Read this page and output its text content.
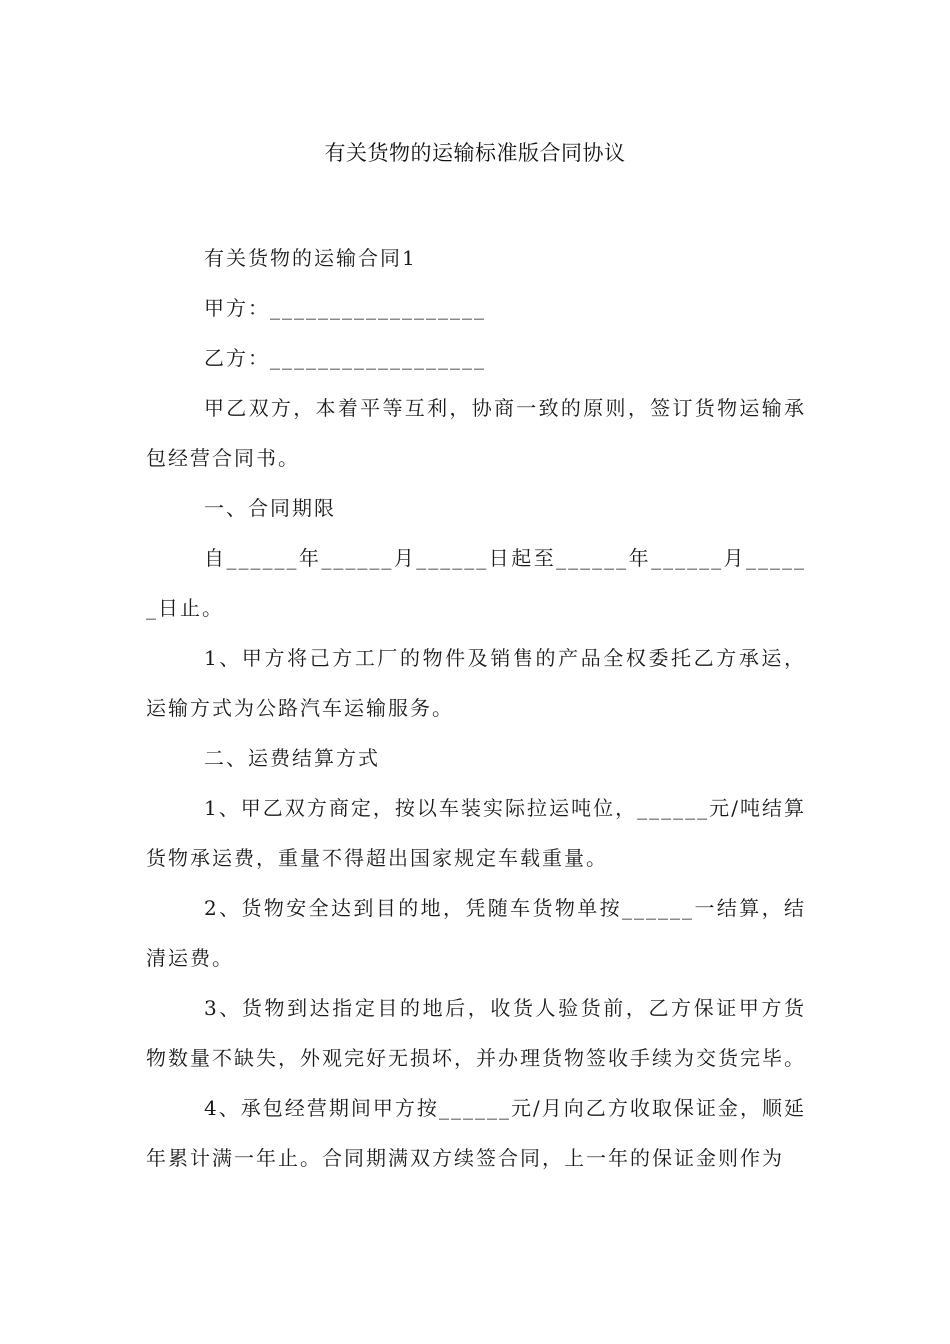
有关货物的运输标准版合同协议

有关货物的运输合同1

甲方：__________________

乙方：__________________

甲乙双方，本着平等互利，协商一致的原则，签订货物运输承包经营合同书。

一、合同期限

自______年______月______日起至______年______月______日止。

1、甲方将己方工厂的物件及销售的产品全权委托乙方承运，运输方式为公路汽车运输服务。

二、运费结算方式

1、甲乙双方商定，按以车装实际拉运吨位，______元/吨结算货物承运费，重量不得超出国家规定车载重量。

2、货物安全达到目的地，凭随车货物单按______一结算，结清运费。

3、货物到达指定目的地后，收货人验货前，乙方保证甲方货物数量不缺失，外观完好无损坏，并办理货物签收手续为交货完毕。

4、承包经营期间甲方按______元/月向乙方收取保证金，顺延年累计满一年止。合同期满双方续签合同，上一年的保证金则作为
